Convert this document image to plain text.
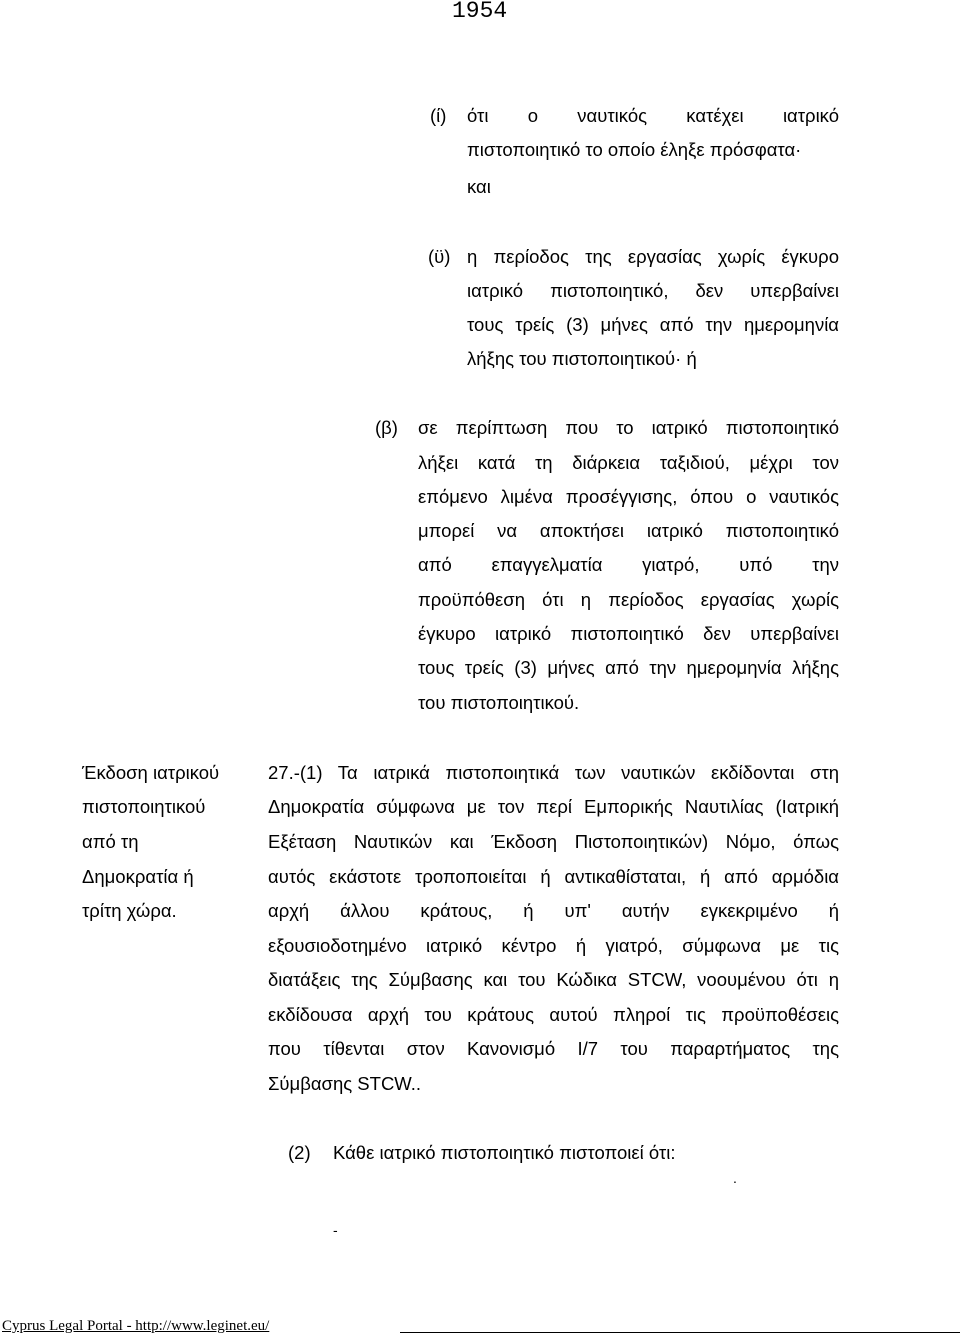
1954
(ί) ότι ο ναυτικός κατέχει ιατρικό
πιστοποιητικό το οποίο έληξε πρόσφατα·
και
(ϋ) η περίοδος της εργασίας χωρίς έγκυρο
ιατρικό πιστοποιητικό, δεν υπερβαίνει
τους τρείς (3) μήνες από την ημερομηνία
λήξης του πιστοποιητικού· ή
(β) σε περίπτωση που το ιατρικό πιστοποιητικό
λήξει κατά τη διάρκεια ταξιδιού, μέχρι τον
επόμενο λιμένα προσέγγισης, όπου ο ναυτικός
μπορεί να αποκτήσει ιατρικό πιστοποιητικό
από επαγγελματία γιατρό, υπό την
προϋπόθεση ότι η περίοδος εργασίας χωρίς
έγκυρο ιατρικό πιστοποιητικό δεν υπερβαίνει
τους τρείς (3) μήνες από την ημερομηνία λήξης
του πιστοποιητικού.
Έκδοση ιατρικού
πιστοποιητικού
από τη
Δημοκρατία ή
τρίτη χώρα.
27.-(1) Τα ιατρικά πιστοποιητικά των ναυτικών εκδίδονται στη
Δημοκρατία σύμφωνα με τον περί Εμπορικής Ναυτιλίας (Ιατρική
Εξέταση Ναυτικών και Έκδοση Πιστοποιητικών) Νόμο, όπως
αυτός εκάστοτε τροποποιείται ή αντικαθίσταται, ή από αρμόδια
αρχή άλλου κράτους, ή υπ' αυτήν εγκεκριμένο ή
εξουσιοδοτημένο ιατρικό κέντρο ή γιατρό, σύμφωνα με τις
διατάξεις της Σύμβασης και του Κώδικα STCW, νοουμένου ότι η
εκδίδουσα αρχή του κράτους αυτού πληροί τις προϋποθέσεις
που τίθενται στον Κανονισμό I/7 του παραρτήματος της
Σύμβασης STCW..
(2) Κάθε ιατρικό πιστοποιητικό πιστοποιεί ότι:
.
-
Cyprus Legal Portal - http://www.leginet.eu/
